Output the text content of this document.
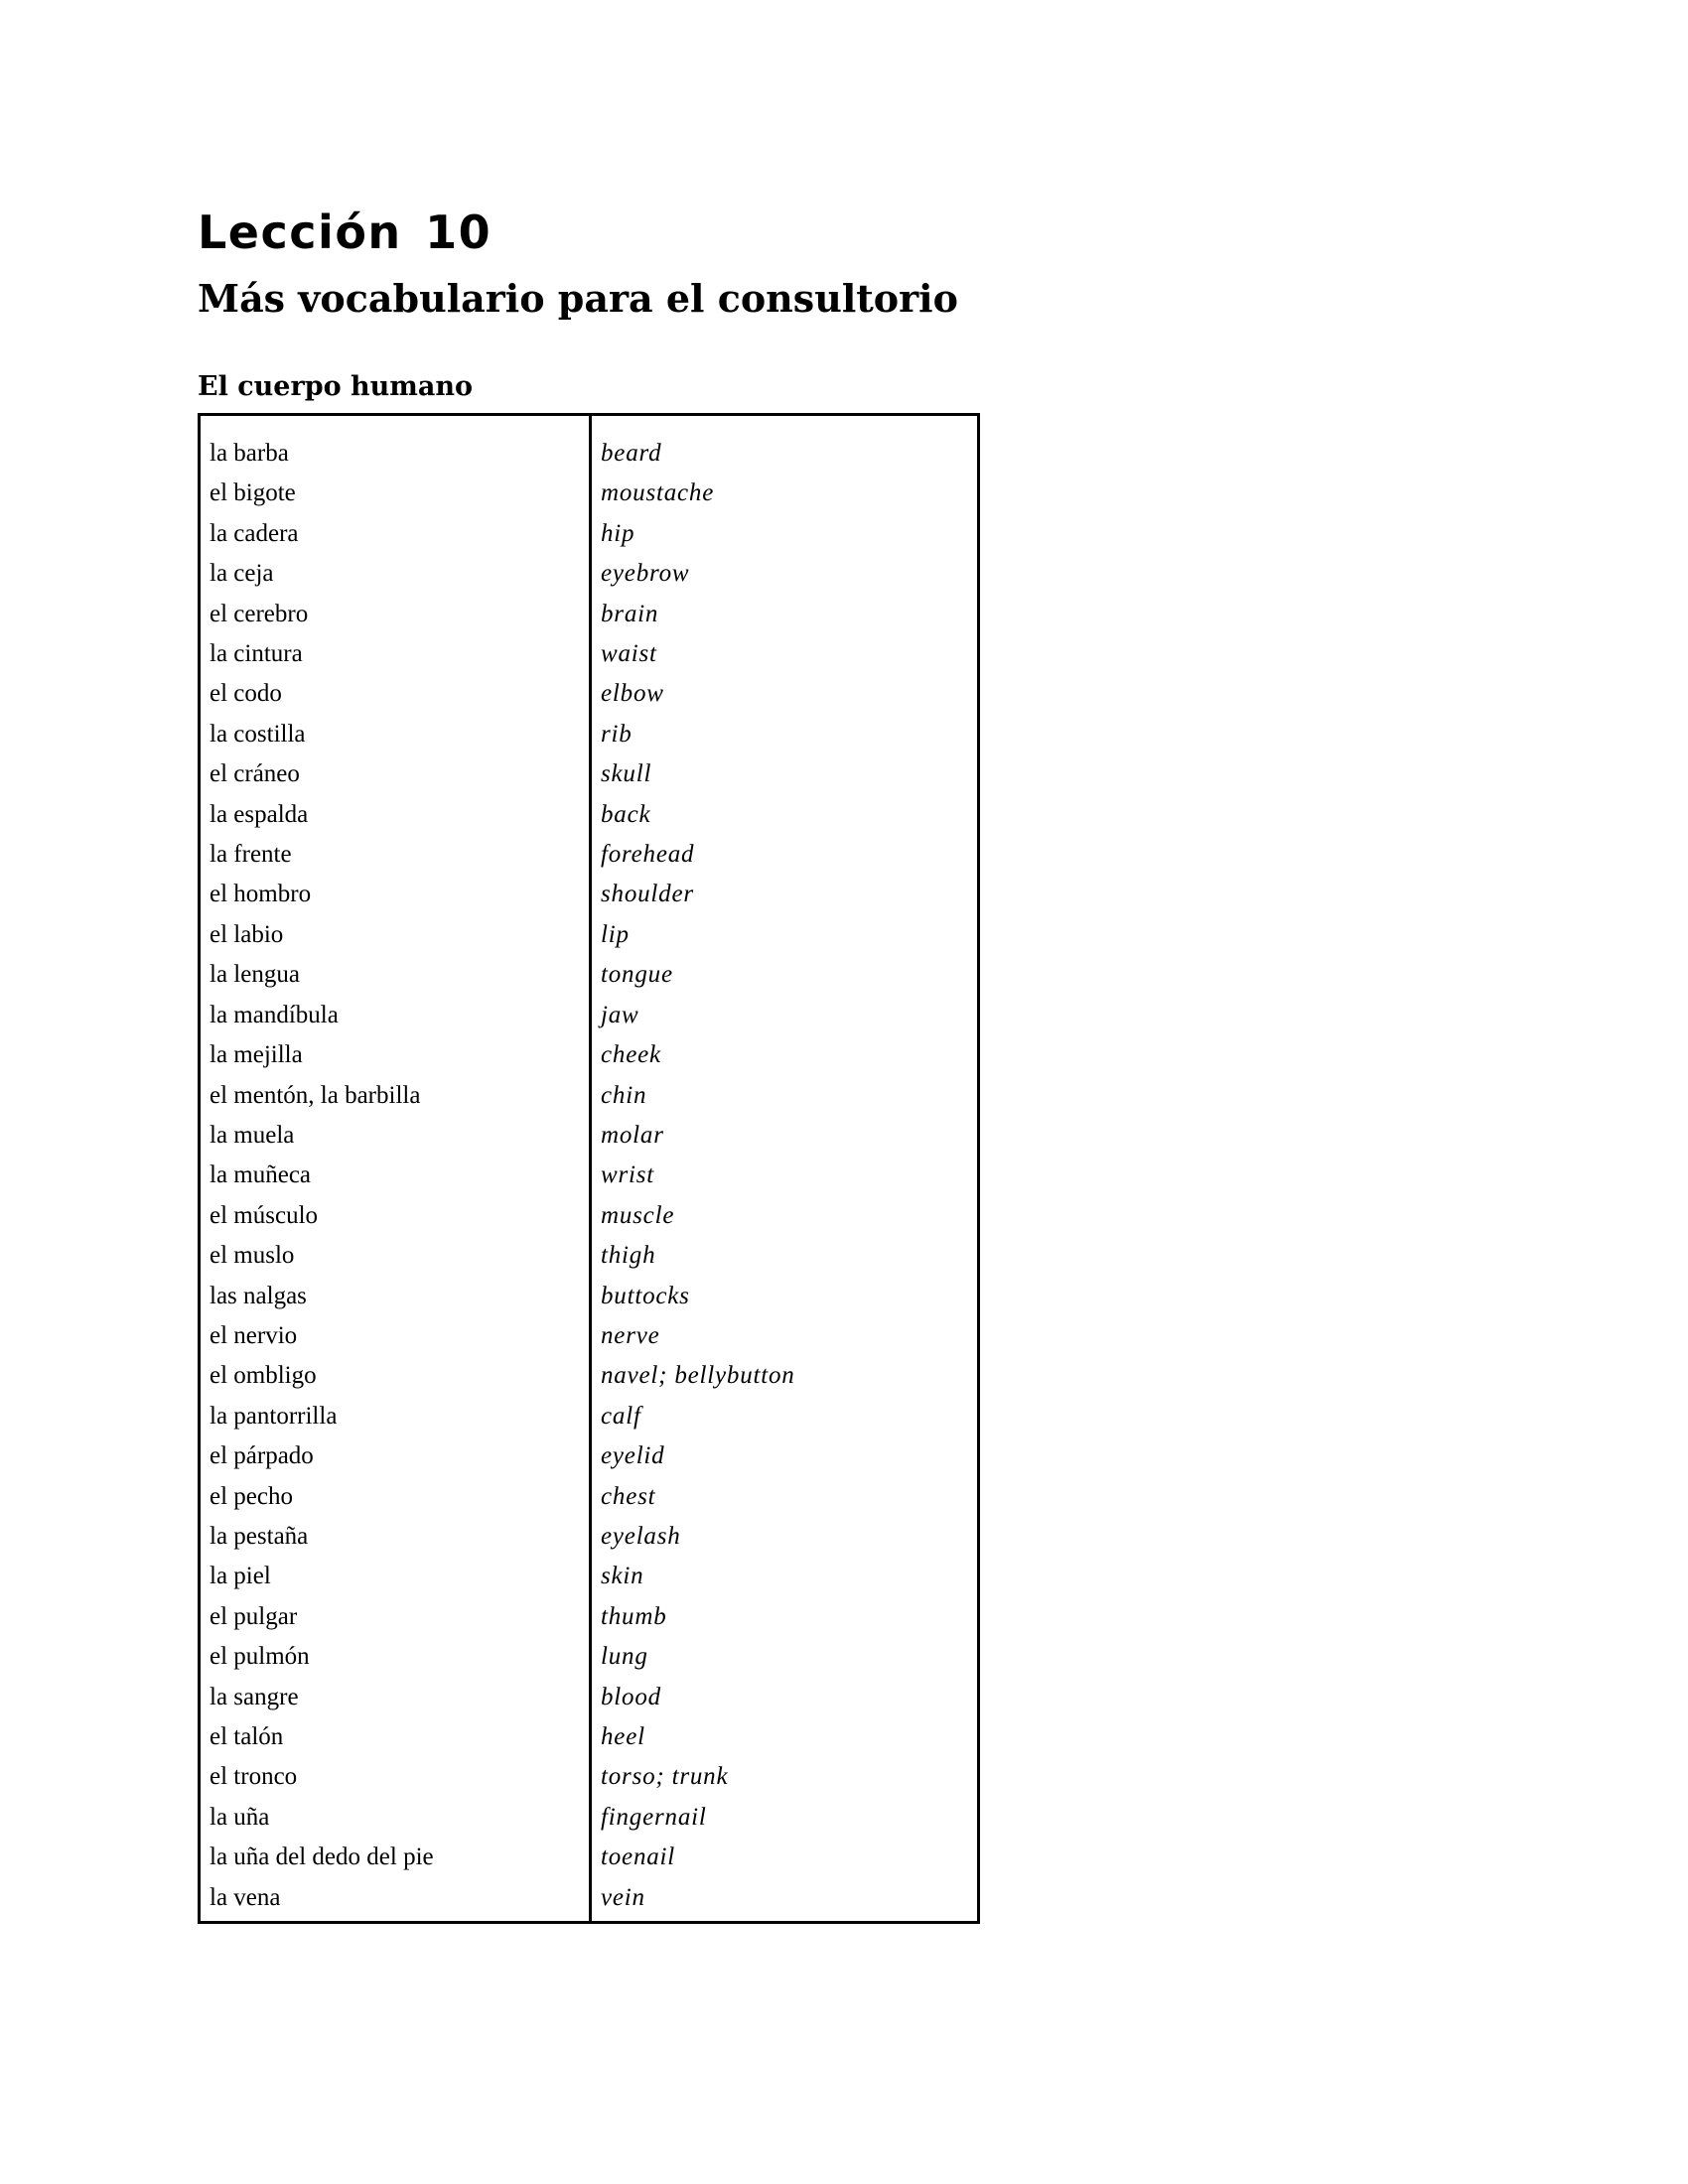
Lección 10
Más vocabulario para el consultorio
El cuerpo humano
la barba
el bigote
la cadera
la ceja
el cerebro
la cintura
el codo
la costilla
el cráneo
la espalda
la frente
el hombro
el labio
la lengua
la mandíbula
la mejilla
el mentón, la barbilla
la muela
la muñeca
el músculo
el muslo
las nalgas
el nervio
el ombligo
la pantorrilla
el párpado
el pecho
la pestaña
la piel
el pulgar
el pulmón
la sangre
el talón
el tronco
la uña
la uña del dedo del pie
la vena
beard
moustache
hip
eyebrow
brain
waist
elbow
rib
skull
back
forehead
shoulder
lip
tongue
jaw
cheek
chin
molar
wrist
muscle
thigh
buttocks
nerve
navel; bellybutton
calf
eyelid
chest
eyelash
skin
thumb
lung
blood
heel
torso; trunk
fingernail
toenail
vein
